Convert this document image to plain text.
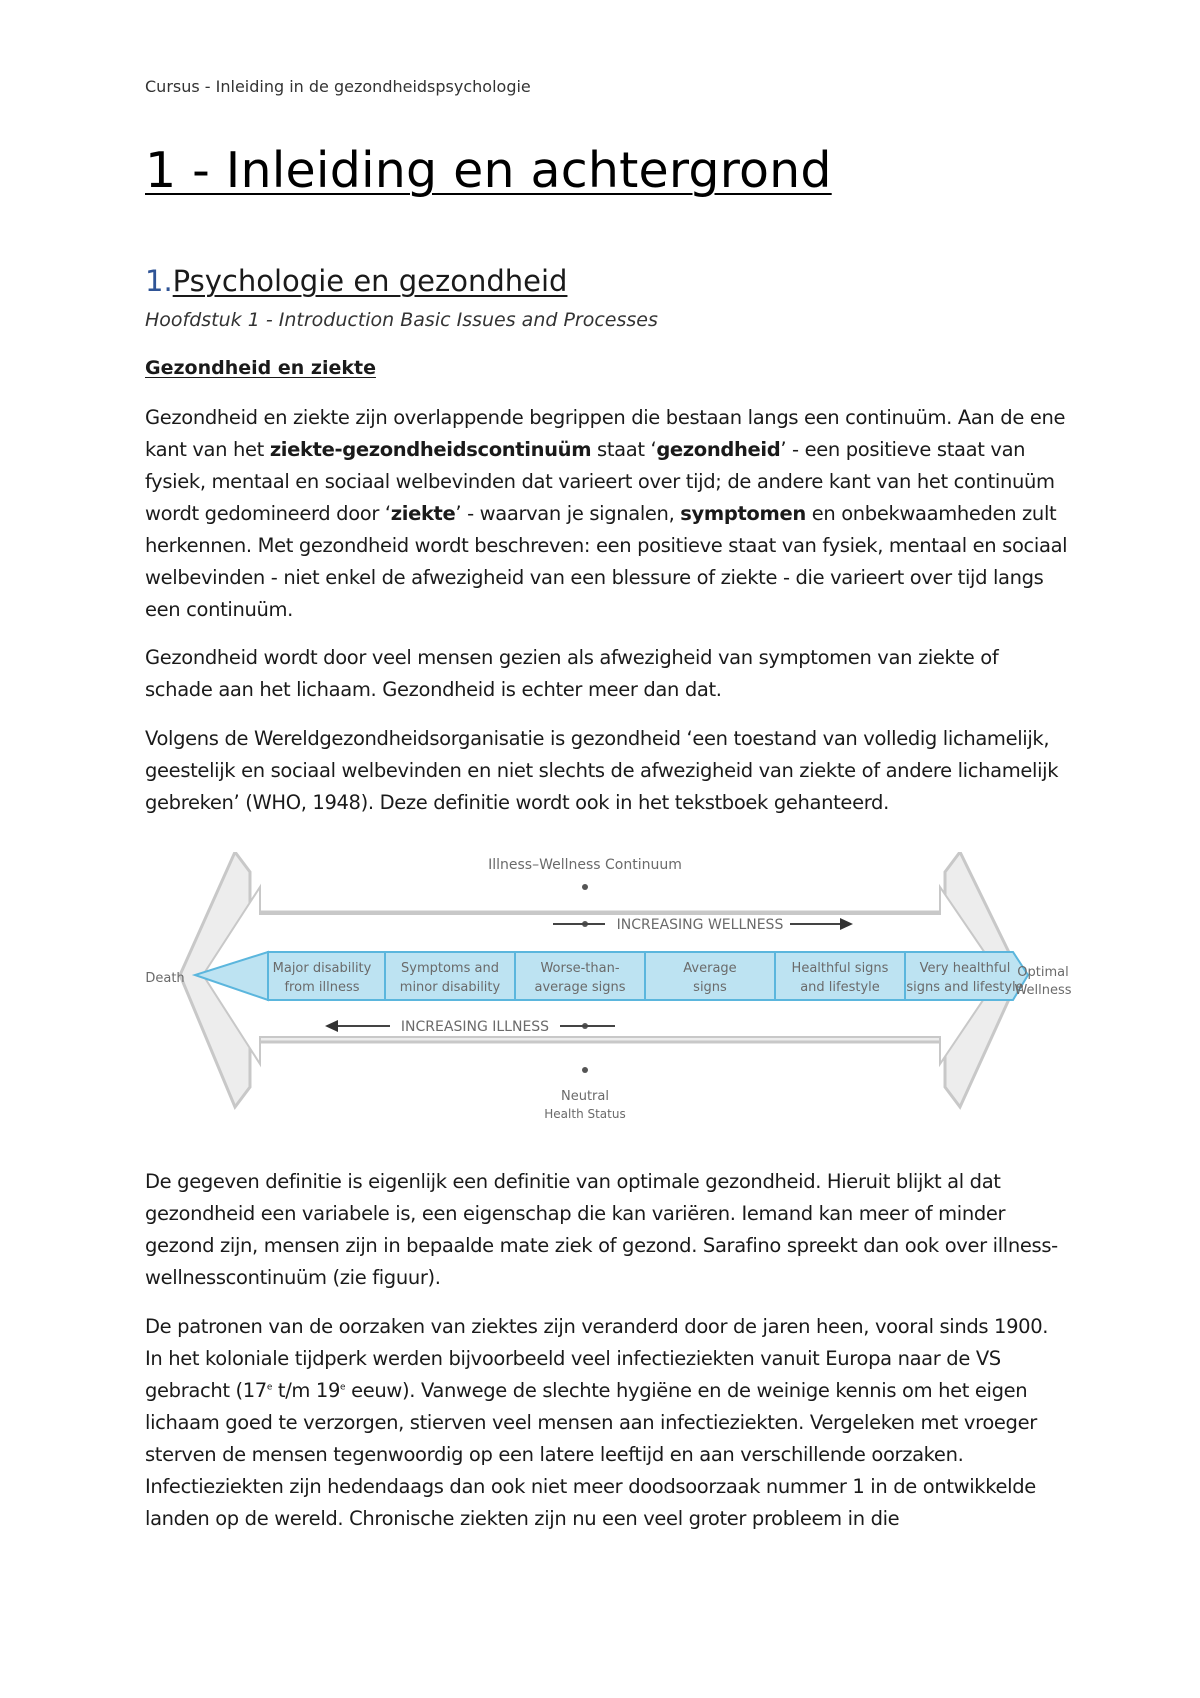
Cursus - Inleiding in de gezondheidspsychologie
1 - Inleiding en achtergrond
1.Psychologie en gezondheid
Hoofdstuk 1 - Introduction Basic Issues and Processes
Gezondheid en ziekte

Gezondheid en ziekte zijn overlappende begrippen die bestaan langs een continuüm. Aan de ene kant van het ziekte-gezondheidscontinuüm staat ‘gezondheid’ - een positieve staat van fysiek, mentaal en sociaal welbevinden dat varieert over tijd; de andere kant van het continuüm wordt gedomineerd door ‘ziekte’ - waarvan je signalen, symptomen en onbekwaamheden zult herkennen. Met gezondheid wordt beschreven: een positieve staat van fysiek, mentaal en sociaal welbevinden - niet enkel de afwezigheid van een blessure of ziekte - die varieert over tijd langs een continuüm.

Gezondheid wordt door veel mensen gezien als afwezigheid van symptomen van ziekte of schade aan het lichaam. Gezondheid is echter meer dan dat.

Volgens de Wereldgezondheidsorganisatie is gezondheid ‘een toestand van volledig lichamelijk, geestelijk en sociaal welbevinden en niet slechts de afwezigheid van ziekte of andere lichamelijk gebreken’ (WHO, 1948). Deze definitie wordt ook in het tekstboek gehanteerd.

Illness–Wellness Continuum
INCREASING WELLNESS
INCREASING ILLNESS
Death	Optimal
Wellness
Neutral
Health Status
Major disability
from illness
Symptoms and
minor disability
Worse-than-
average signs
Average
signs
Healthful signs
and lifestyle
Very healthful
signs and lifestyle

De gegeven definitie is eigenlijk een definitie van optimale gezondheid. Hieruit blijkt al dat gezondheid een variabele is, een eigenschap die kan variëren. Iemand kan meer of minder gezond zijn, mensen zijn in bepaalde mate ziek of gezond. Sarafino spreekt dan ook over illness-wellnesscontinuüm (zie figuur).

De patronen van de oorzaken van ziektes zijn veranderd door de jaren heen, vooral sinds 1900. In het koloniale tijdperk werden bijvoorbeeld veel infectieziekten vanuit Europa naar de VS gebracht (17e t/m 19e eeuw). Vanwege de slechte hygiëne en de weinige kennis om het eigen lichaam goed te verzorgen, stierven veel mensen aan infectieziekten. Vergeleken met vroeger sterven de mensen tegenwoordig op een latere leeftijd en aan verschillende oorzaken. Infectieziekten zijn hedendaags dan ook niet meer doodsoorzaak nummer 1 in de ontwikkelde landen op de wereld. Chronische ziekten zijn nu een veel groter probleem in die
